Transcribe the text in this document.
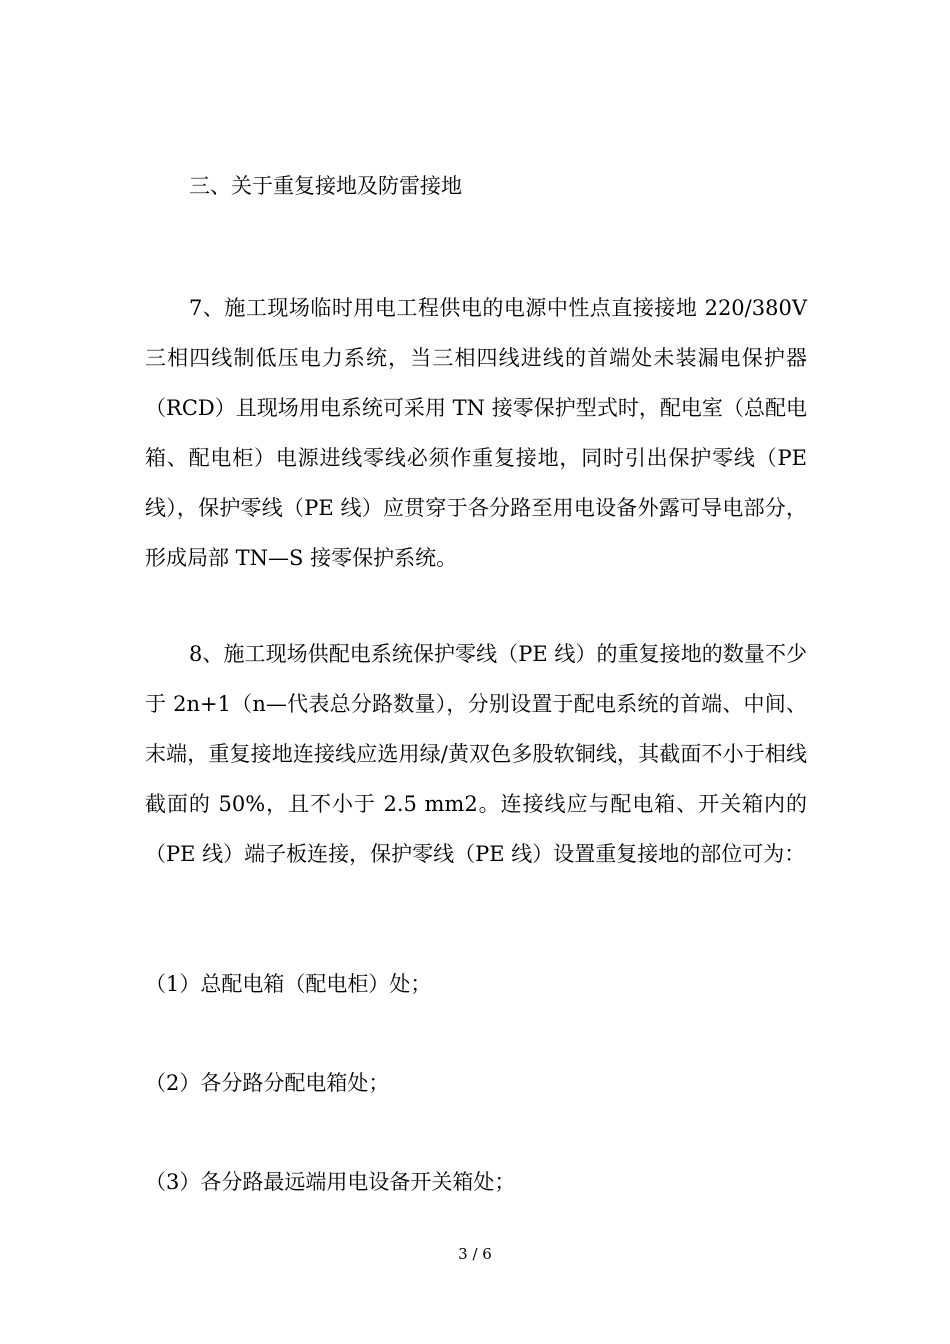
三、关于重复接地及防雷接地

7、施工现场临时用电工程供电的电源中性点直接接地 220/380V 三相四线制低压电力系统，当三相四线进线的首端处未装漏电保护器（RCD）且现场用电系统可采用 TN 接零保护型式时，配电室（总配电箱、配电柜）电源进线零线必须作重复接地，同时引出保护零线（PE 线），保护零线（PE 线）应贯穿于各分路至用电设备外露可导电部分，形成局部 TN—S 接零保护系统。

8、施工现场供配电系统保护零线（PE 线）的重复接地的数量不少于 2n+1（n—代表总分路数量），分别设置于配电系统的首端、中间、末端，重复接地连接线应选用绿/黄双色多股软铜线，其截面不小于相线截面的 50%，且不小于 2.5 mm2。连接线应与配电箱、开关箱内的（PE 线）端子板连接，保护零线（PE 线）设置重复接地的部位可为：

（1）总配电箱（配电柜）处；
（2）各分路分配电箱处；
（3）各分路最远端用电设备开关箱处；
3 / 6
